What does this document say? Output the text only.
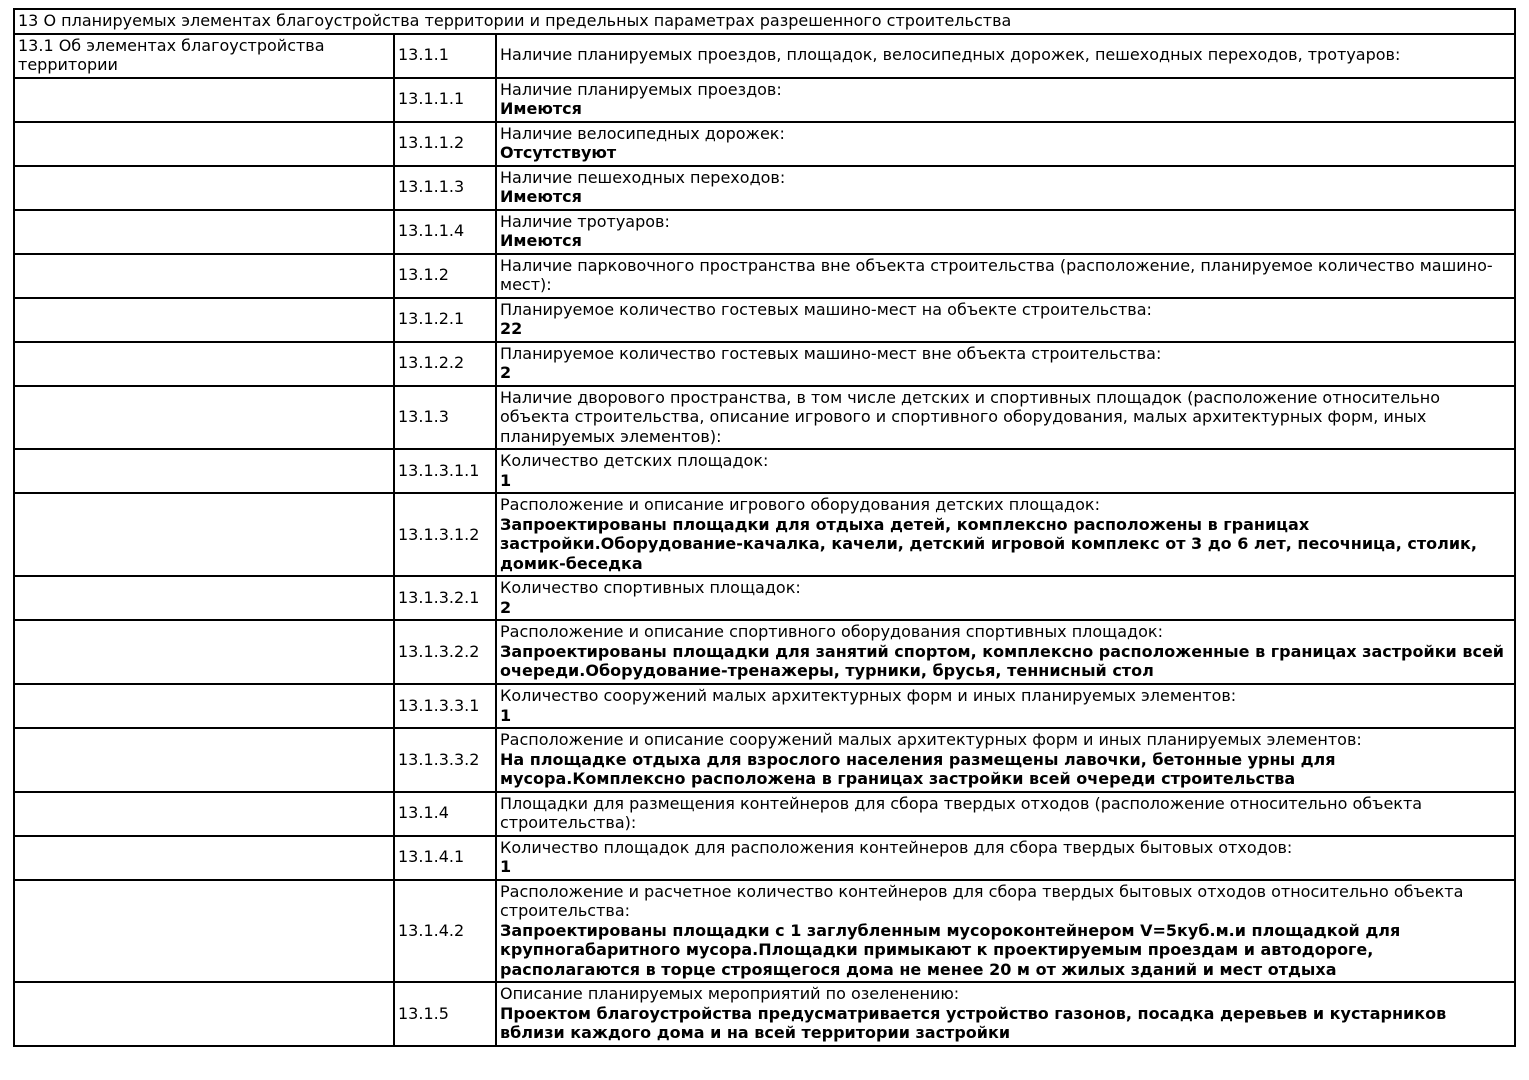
13 О планируемых элементах благоустройства территории и предельных параметрах разрешенного строительства		
13.1 Об элементах благоустройства территории	13.1.1	Наличие планируемых проездов, площадок, велосипедных дорожек, пешеходных переходов, тротуаров:

	13.1.1.1	Наличие планируемых проездов:
Имеются

	13.1.1.2	Наличие велосипедных дорожек:
Отсутствуют

	13.1.1.3	Наличие пешеходных переходов:
Имеются

	13.1.1.4	Наличие тротуаров:
Имеются

	13.1.2	Наличие парковочного пространства вне объекта строительства (расположение, планируемое количество машино-мест):

	13.1.2.1	Планируемое количество гостевых машино-мест на объекте строительства:
22

	13.1.2.2	Планируемое количество гостевых машино-мест вне объекта строительства:
2

	13.1.3	Наличие дворового пространства, в том числе детских и спортивных площадок (расположение относительно объекта строительства, описание игрового и спортивного оборудования, малых архитектурных форм, иных планируемых элементов):

	13.1.3.1.1	Количество детских площадок:
1

	13.1.3.1.2	Расположение и описание игрового оборудования детских площадок:
Запроектированы площадки для отдыха детей, комплексно расположены в границах застройки.Оборудование-качалка, качели, детский игровой комплекс от 3 до 6 лет, песочница, столик, домик-беседка

	13.1.3.2.1	Количество спортивных площадок:
2

	13.1.3.2.2	Расположение и описание спортивного оборудования спортивных площадок:
Запроектированы площадки для занятий спортом, комплексно расположенные в границах застройки всей очереди.Оборудование-тренажеры, турники, брусья, теннисный стол

	13.1.3.3.1	Количество сооружений малых архитектурных форм и иных планируемых элементов:
1

	13.1.3.3.2	Расположение и описание сооружений малых архитектурных форм и иных планируемых элементов:
На площадке отдыха для взрослого населения размещены лавочки, бетонные урны для мусора.Комплексно расположена в границах застройки всей очереди строительства

	13.1.4	Площадки для размещения контейнеров для сбора твердых отходов (расположение относительно объекта строительства):

	13.1.4.1	Количество площадок для расположения контейнеров для сбора твердых бытовых отходов:
1

	13.1.4.2	Расположение и расчетное количество контейнеров для сбора твердых бытовых отходов относительно объекта строительства:
Запроектированы площадки с 1 заглубленным мусороконтейнером V=5куб.м.и площадкой для крупногабаритного мусора.Площадки примыкают к проектируемым проездам и автодороге, располагаются в торце строящегося дома не менее 20 м от жилых зданий и мест отдыха

	13.1.5	Описание планируемых мероприятий по озеленению:
Проектом благоустройства предусматривается устройство газонов, посадка деревьев и кустарников вблизи каждого дома и на всей территории застройки
